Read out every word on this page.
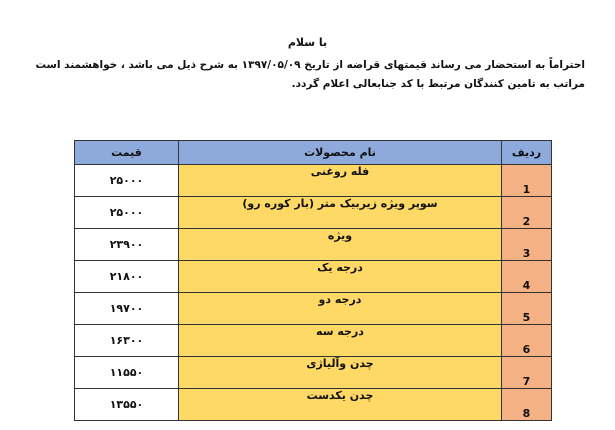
با سلام

احتراماً به استحضار می رساند قیمتهای قراضه از تاریخ ۱۳۹۷/۰۵/۰۹ به شرح ذیل می باشد ، خواهشمند است

مراتب به تامین کنندگان مرتبط با کد جنابعالی اعلام گردد.

ردیف	نام محصولات	قیمت
1	فله روغنی	۲۵۰۰۰
2	سوپر ویژه زیربیک متر (بار کوره رو)	۲۵۰۰۰
3	ویژه	۲۳۹۰۰
4	درجه یک	۲۱۸۰۰
5	درجه دو	۱۹۷۰۰
6	درجه سه	۱۶۳۰۰
7	چدن وآلیاژی	۱۱۵۵۰
8	چدن یکدست	۱۳۵۵۰
